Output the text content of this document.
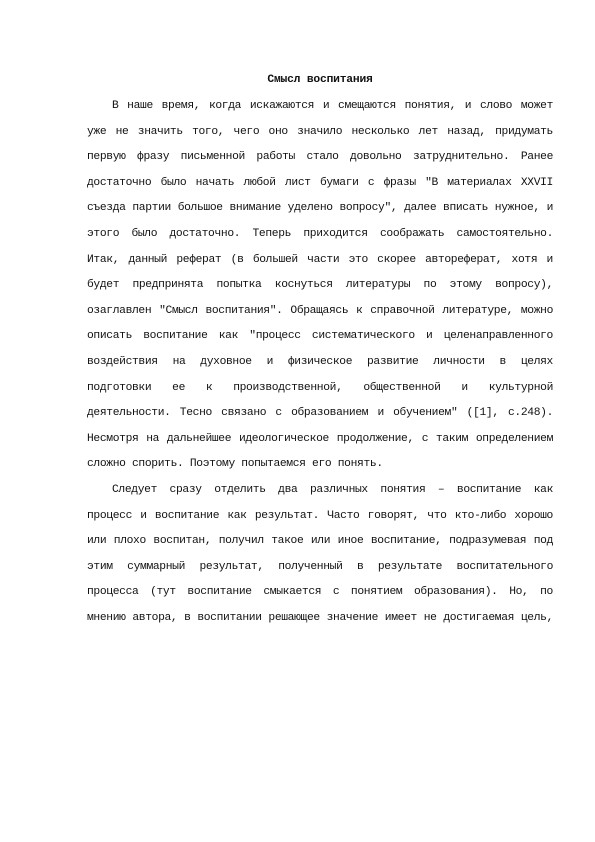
Смысл воспитания

В наше время, когда искажаются и смещаются понятия, и слово может уже не значить того, чего оно значило несколько лет назад, придумать первую фразу письменной работы стало довольно затруднительно. Ранее достаточно было начать любой лист бумаги с фразы "В материалах XXVII съезда партии большое внимание уделено вопросу", далее вписать нужное, и этого было достаточно. Теперь приходится соображать самостоятельно. Итак, данный реферат (в большей части это скорее автореферат, хотя и будет предпринята попытка коснуться литературы по этому вопросу), озаглавлен "Смысл воспитания". Обращаясь к справочной литературе, можно описать воспитание как "процесс систематического и целенаправленного воздействия на духовное и физическое развитие личности в целях подготовки ее к производственной, общественной и культурной деятельности. Тесно связано с образованием и обучением" ([1], с.248). Несмотря на дальнейшее идеологическое продолжение, с таким определением сложно спорить. Поэтому попытаемся его понять.

Следует сразу отделить два различных понятия – воспитание как процесс и воспитание как результат. Часто говорят, что кто-либо хорошо или плохо воспитан, получил такое или иное воспитание, подразумевая под этим суммарный результат, полученный в результате воспитательного процесса (тут воспитание смыкается с понятием образования). Но, по мнению автора, в воспитании решающее значение имеет не достигаемая цель,
